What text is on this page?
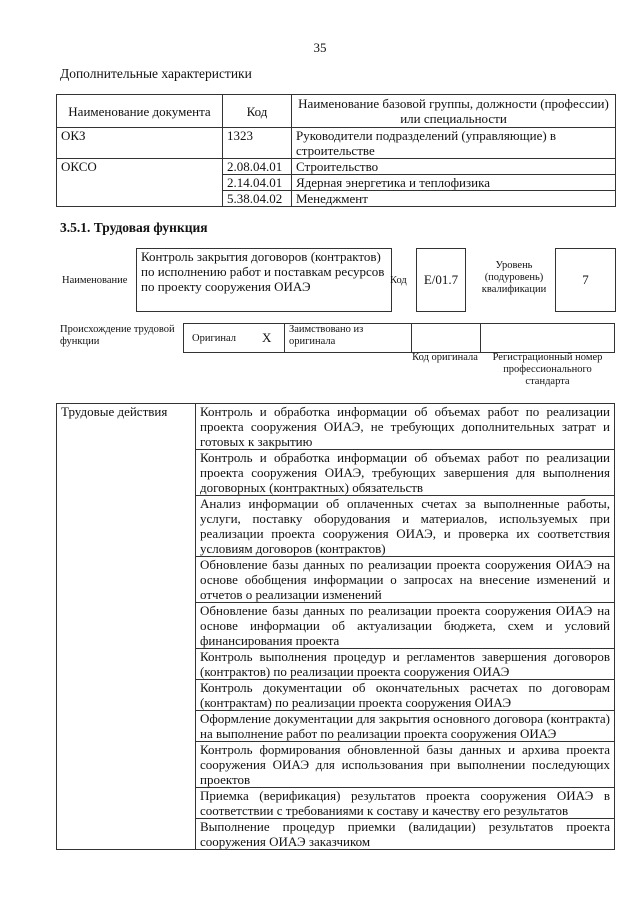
35
Дополнительные характеристики
Наименование документа	Код	Наименование базовой группы, должности (профессии) или специальности
ОКЗ	1323	Руководители подразделений (управляющие) в строительстве
ОКСО	2.08.04.01	Строительство
	2.14.04.01	Ядерная энергетика и теплофизика
	5.38.04.02	Менеджмент
3.5.1. Трудовая функция
Наименование
Контроль закрытия договоров (контрактов) по исполнению работ и поставкам ресурсов по проекту сооружения ОИАЭ	Код	E/01.7
Уровень (подуровень) квалификации
7
Происхождение трудовой функции	Оригинал X
Заимствовано из оригинала
Код оригинала	Регистрационный номер профессионального стандарта
Трудовые действия	Контроль и обработка информации об объемах работ по реализации проекта сооружения ОИАЭ, не требующих дополнительных затрат и готовых к закрытию
Контроль и обработка информации об объемах работ по реализации проекта сооружения ОИАЭ, требующих завершения для выполнения договорных (контрактных) обязательств
Анализ информации об оплаченных счетах за выполненные работы, услуги, поставку оборудования и материалов, используемых при реализации проекта сооружения ОИАЭ, и проверка их соответствия условиям договоров (контрактов)
Обновление базы данных по реализации проекта сооружения ОИАЭ на основе обобщения информации о запросах на внесение изменений и отчетов о реализации изменений
Обновление базы данных по реализации проекта сооружения ОИАЭ на основе информации об актуализации бюджета, схем и условий финансирования проекта
Контроль выполнения процедур и регламентов завершения договоров (контрактов) по реализации проекта сооружения ОИАЭ
Контроль документации об окончательных расчетах по договорам (контрактам) по реализации проекта сооружения ОИАЭ
Оформление документации для закрытия основного договора (контракта) на выполнение работ по реализации проекта сооружения ОИАЭ
Контроль формирования обновленной базы данных и архива проекта сооружения ОИАЭ для использования при выполнении последующих проектов
Приемка (верификация) результатов проекта сооружения ОИАЭ в соответствии с требованиями к составу и качеству его результатов
Выполнение процедур приемки (валидации) результатов проекта сооружения ОИАЭ заказчиком
